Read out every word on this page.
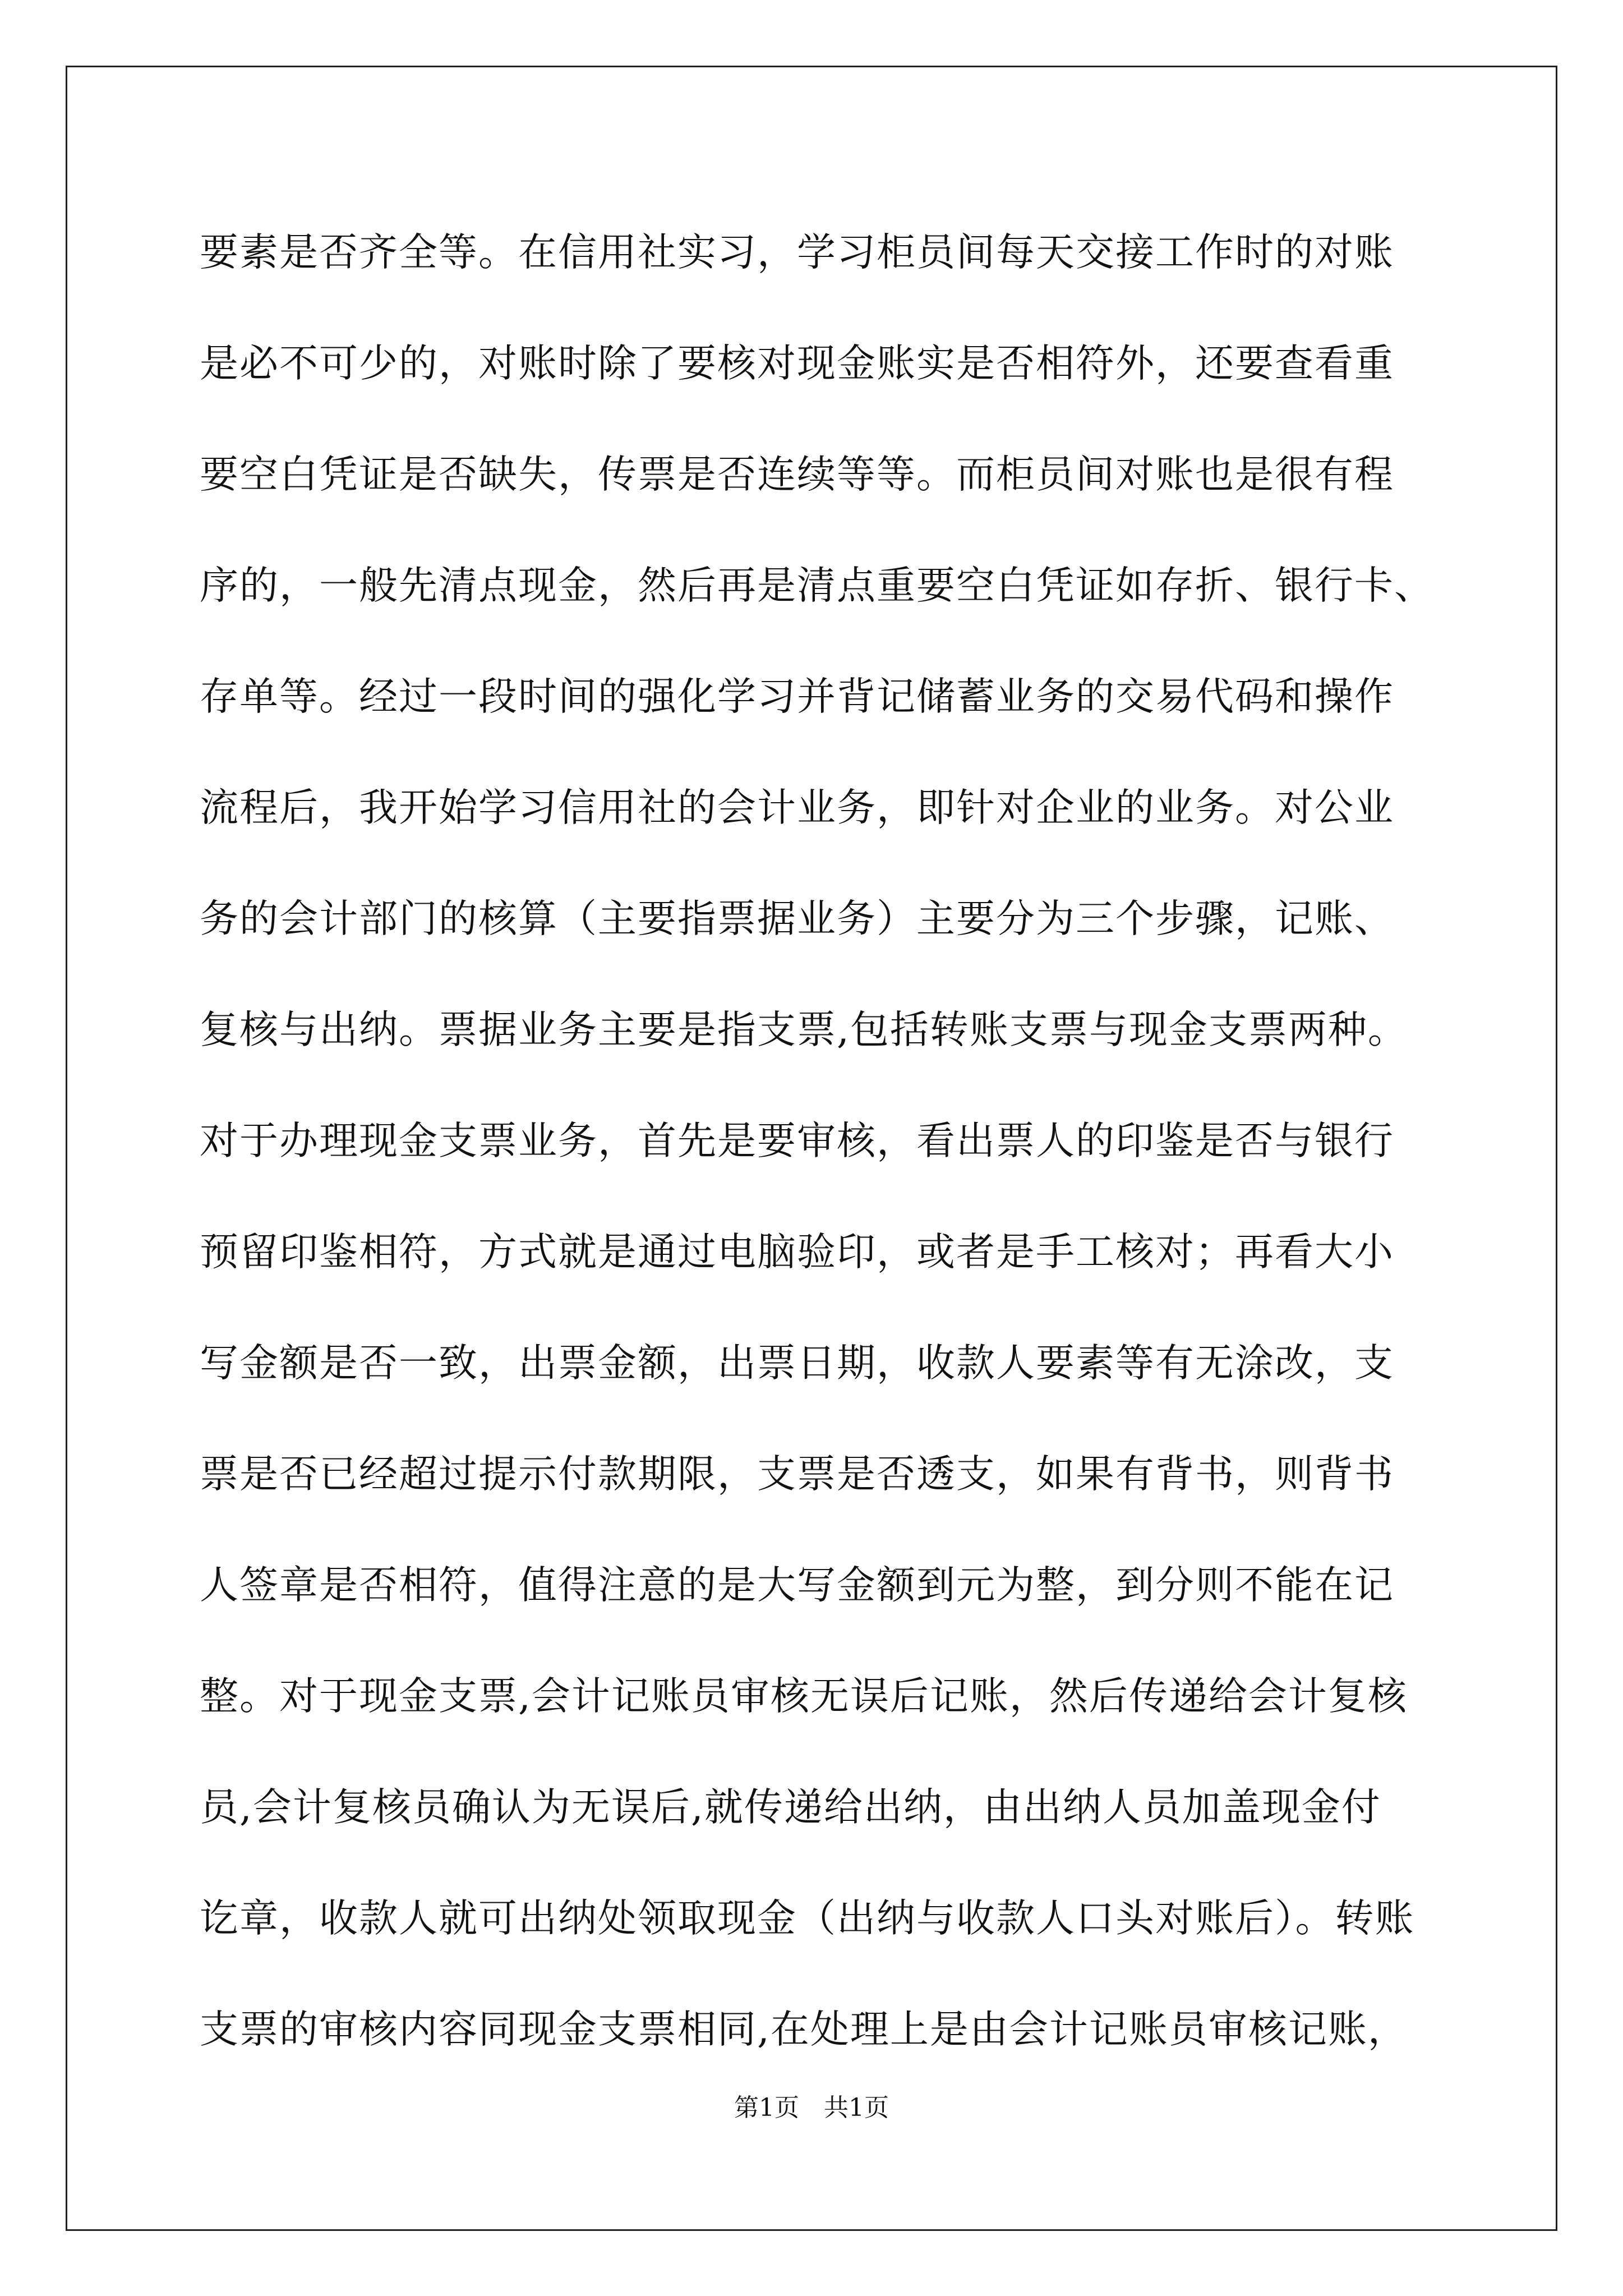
要素是否齐全等。在信用社实习，学习柜员间每天交接工作时的对账
是必不可少的，对账时除了要核对现金账实是否相符外，还要查看重
要空白凭证是否缺失，传票是否连续等等。而柜员间对账也是很有程
序的，一般先清点现金，然后再是清点重要空白凭证如存折、银行卡、
存单等。经过一段时间的强化学习并背记储蓄业务的交易代码和操作
流程后，我开始学习信用社的会计业务，即针对企业的业务。对公业
务的会计部门的核算（主要指票据业务）主要分为三个步骤，记账、
复核与出纳。票据业务主要是指支票,包括转账支票与现金支票两种。
对于办理现金支票业务，首先是要审核，看出票人的印鉴是否与银行
预留印鉴相符，方式就是通过电脑验印，或者是手工核对；再看大小
写金额是否一致，出票金额，出票日期，收款人要素等有无涂改，支
票是否已经超过提示付款期限，支票是否透支，如果有背书，则背书
人签章是否相符，值得注意的是大写金额到元为整，到分则不能在记
整。对于现金支票,会计记账员审核无误后记账，然后传递给会计复核
员,会计复核员确认为无误后,就传递给出纳，由出纳人员加盖现金付
讫章，收款人就可出纳处领取现金（出纳与收款人口头对账后）。转账
支票的审核内容同现金支票相同,在处理上是由会计记账员审核记账，
第1页　共1页
